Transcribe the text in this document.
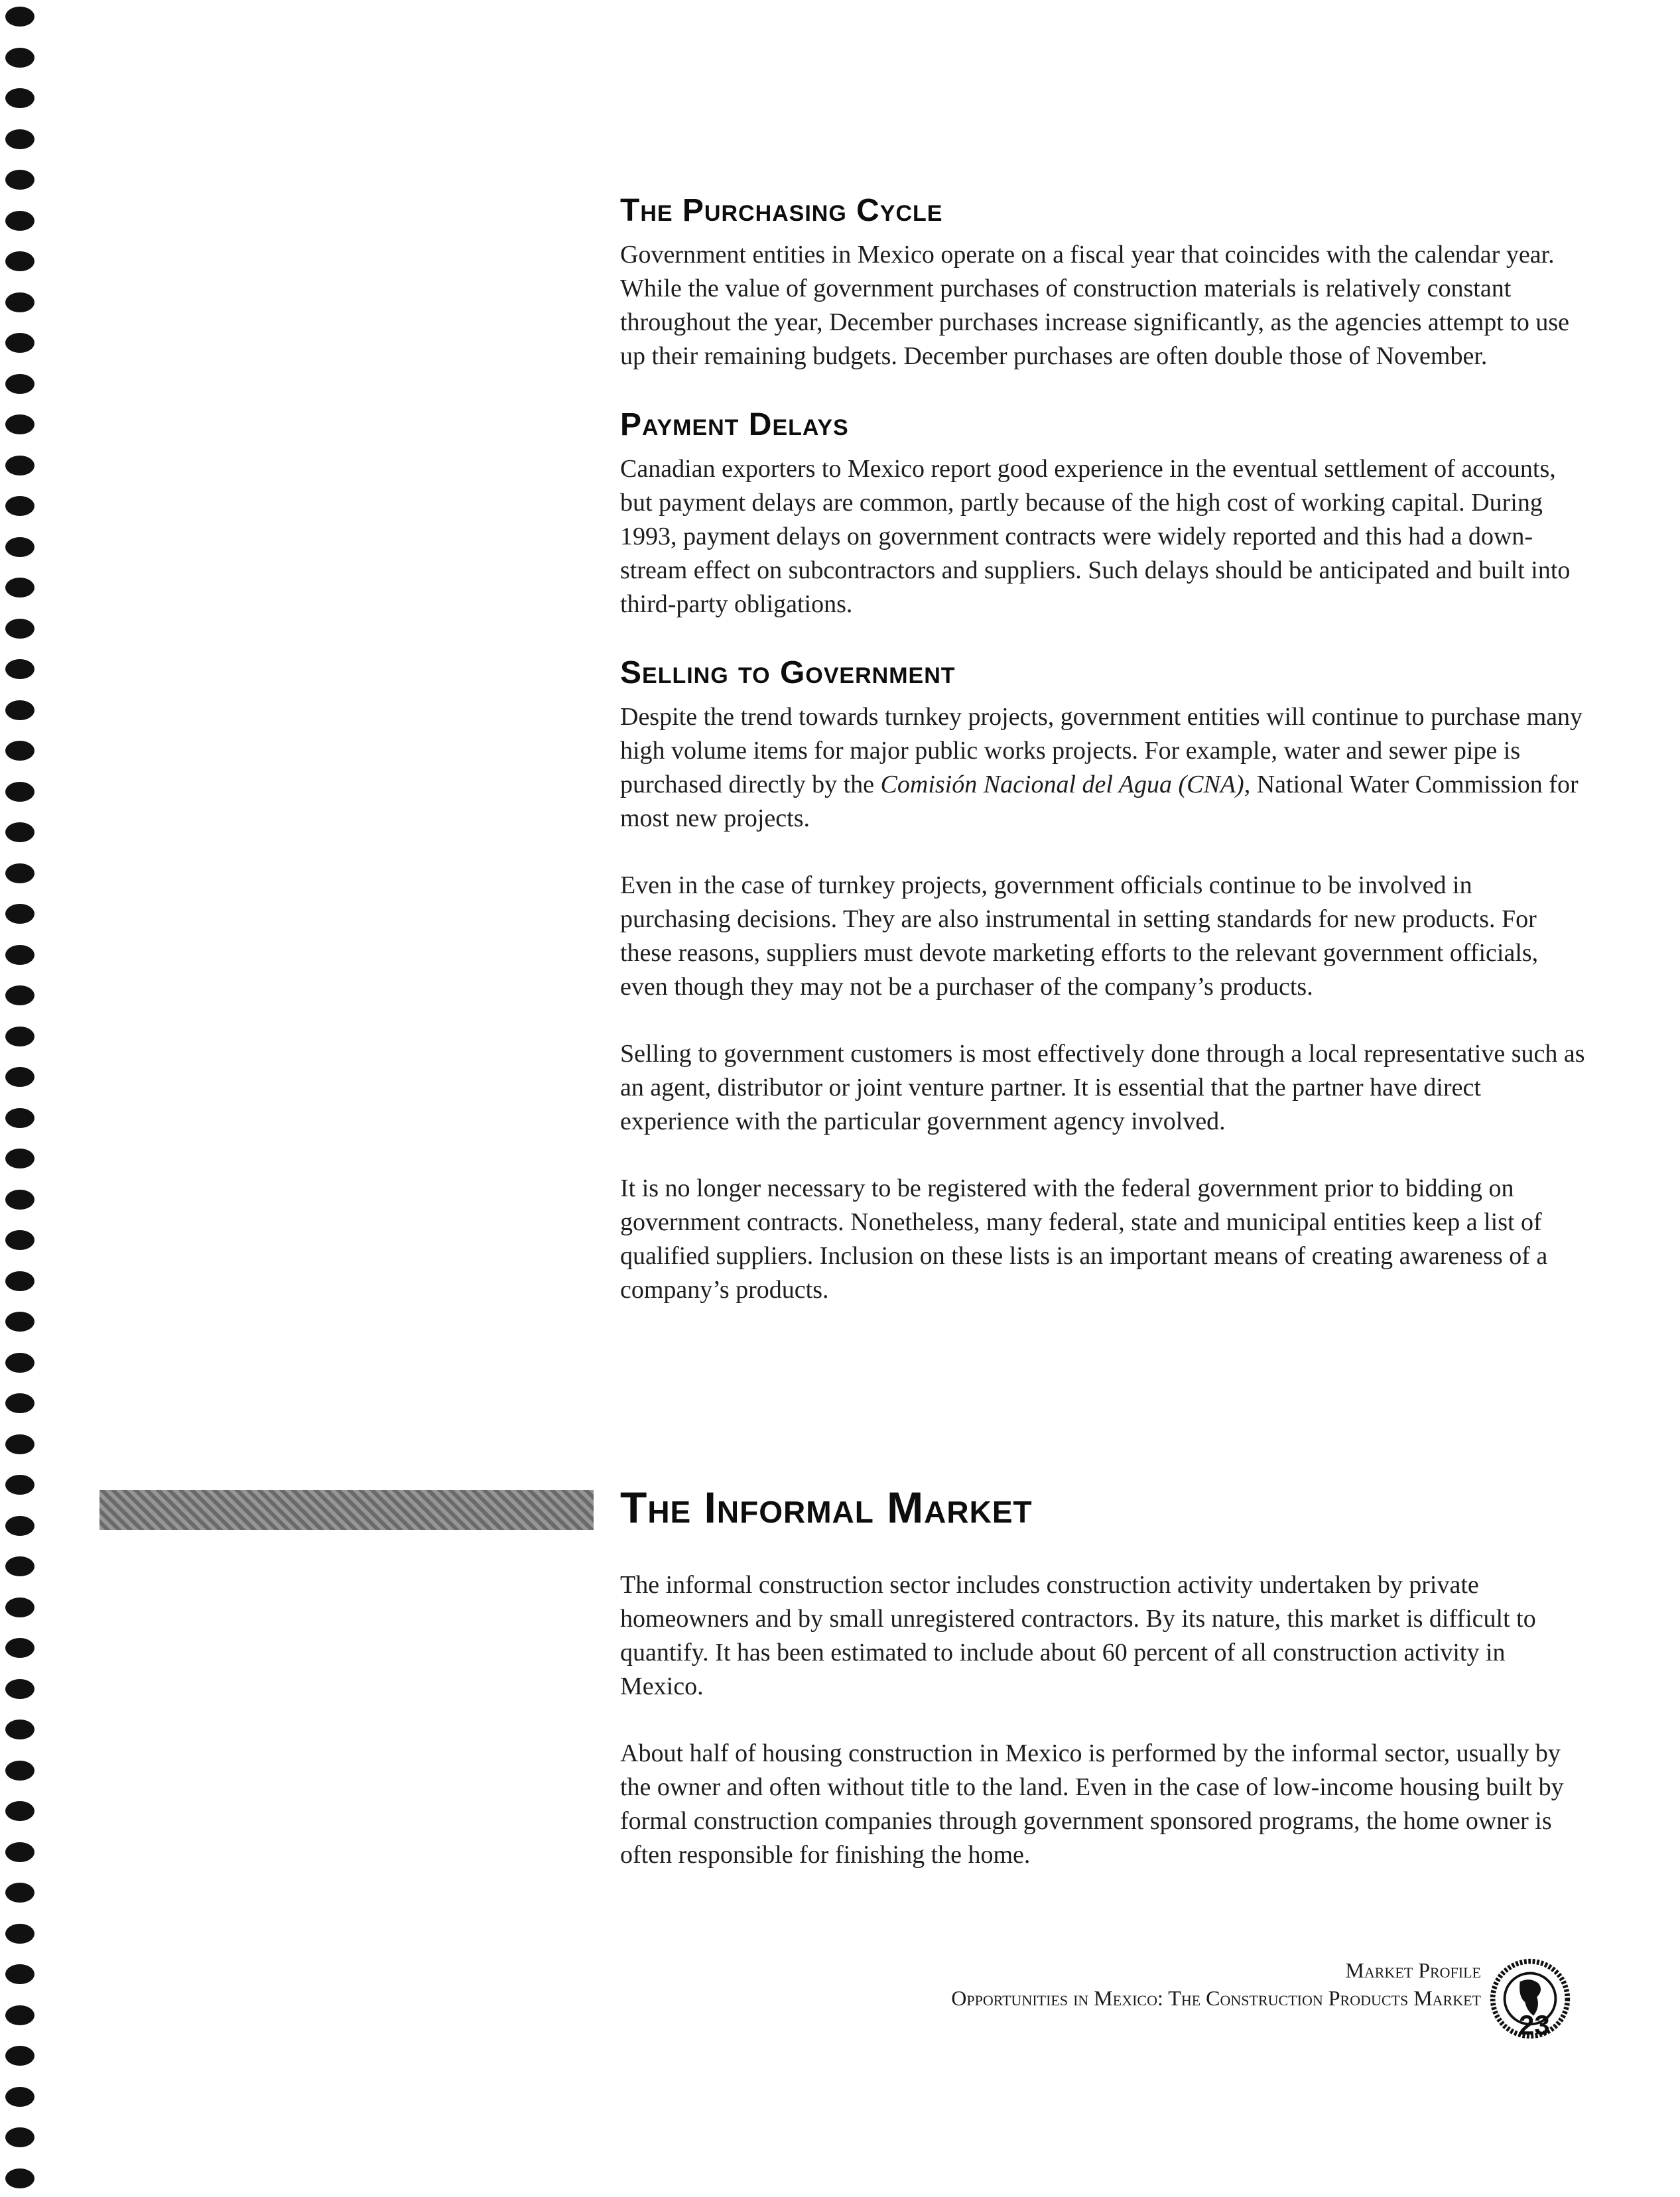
The Purchasing Cycle

Government entities in Mexico operate on a fiscal year that coincides with the calendar year. While the value of government purchases of construction materials is relatively constant throughout the year, December purchases increase significantly, as the agencies attempt to use up their remaining budgets. December purchases are often double those of November.

Payment Delays

Canadian exporters to Mexico report good experience in the eventual settlement of accounts, but payment delays are common, partly because of the high cost of working capital. During 1993, payment delays on government contracts were widely reported and this had a down-stream effect on subcontractors and suppliers. Such delays should be anticipated and built into third-party obligations.

Selling to Government

Despite the trend towards turnkey projects, government entities will continue to purchase many high volume items for major public works projects. For example, water and sewer pipe is purchased directly by the Comisión Nacional del Agua (CNA), National Water Commission for most new projects.

Even in the case of turnkey projects, government officials continue to be involved in purchasing decisions. They are also instrumental in setting standards for new products. For these reasons, suppliers must devote marketing efforts to the relevant government officials, even though they may not be a purchaser of the company’s products.

Selling to government customers is most effectively done through a local representative such as an agent, distributor or joint venture partner. It is essential that the partner have direct experience with the particular government agency involved.

It is no longer necessary to be registered with the federal government prior to bidding on government contracts. Nonetheless, many federal, state and municipal entities keep a list of qualified suppliers. Inclusion on these lists is an important means of creating awareness of a company’s products.

The Informal Market

The informal construction sector includes construction activity undertaken by private homeowners and by small unregistered contractors. By its nature, this market is difficult to quantify. It has been estimated to include about 60 percent of all construction activity in Mexico.

About half of housing construction in Mexico is performed by the informal sector, usually by the owner and often without title to the land. Even in the case of low-income housing built by formal construction companies through government sponsored programs, the home owner is often responsible for finishing the home.

Market Profile
Opportunities in Mexico: The Construction Products Market
23
